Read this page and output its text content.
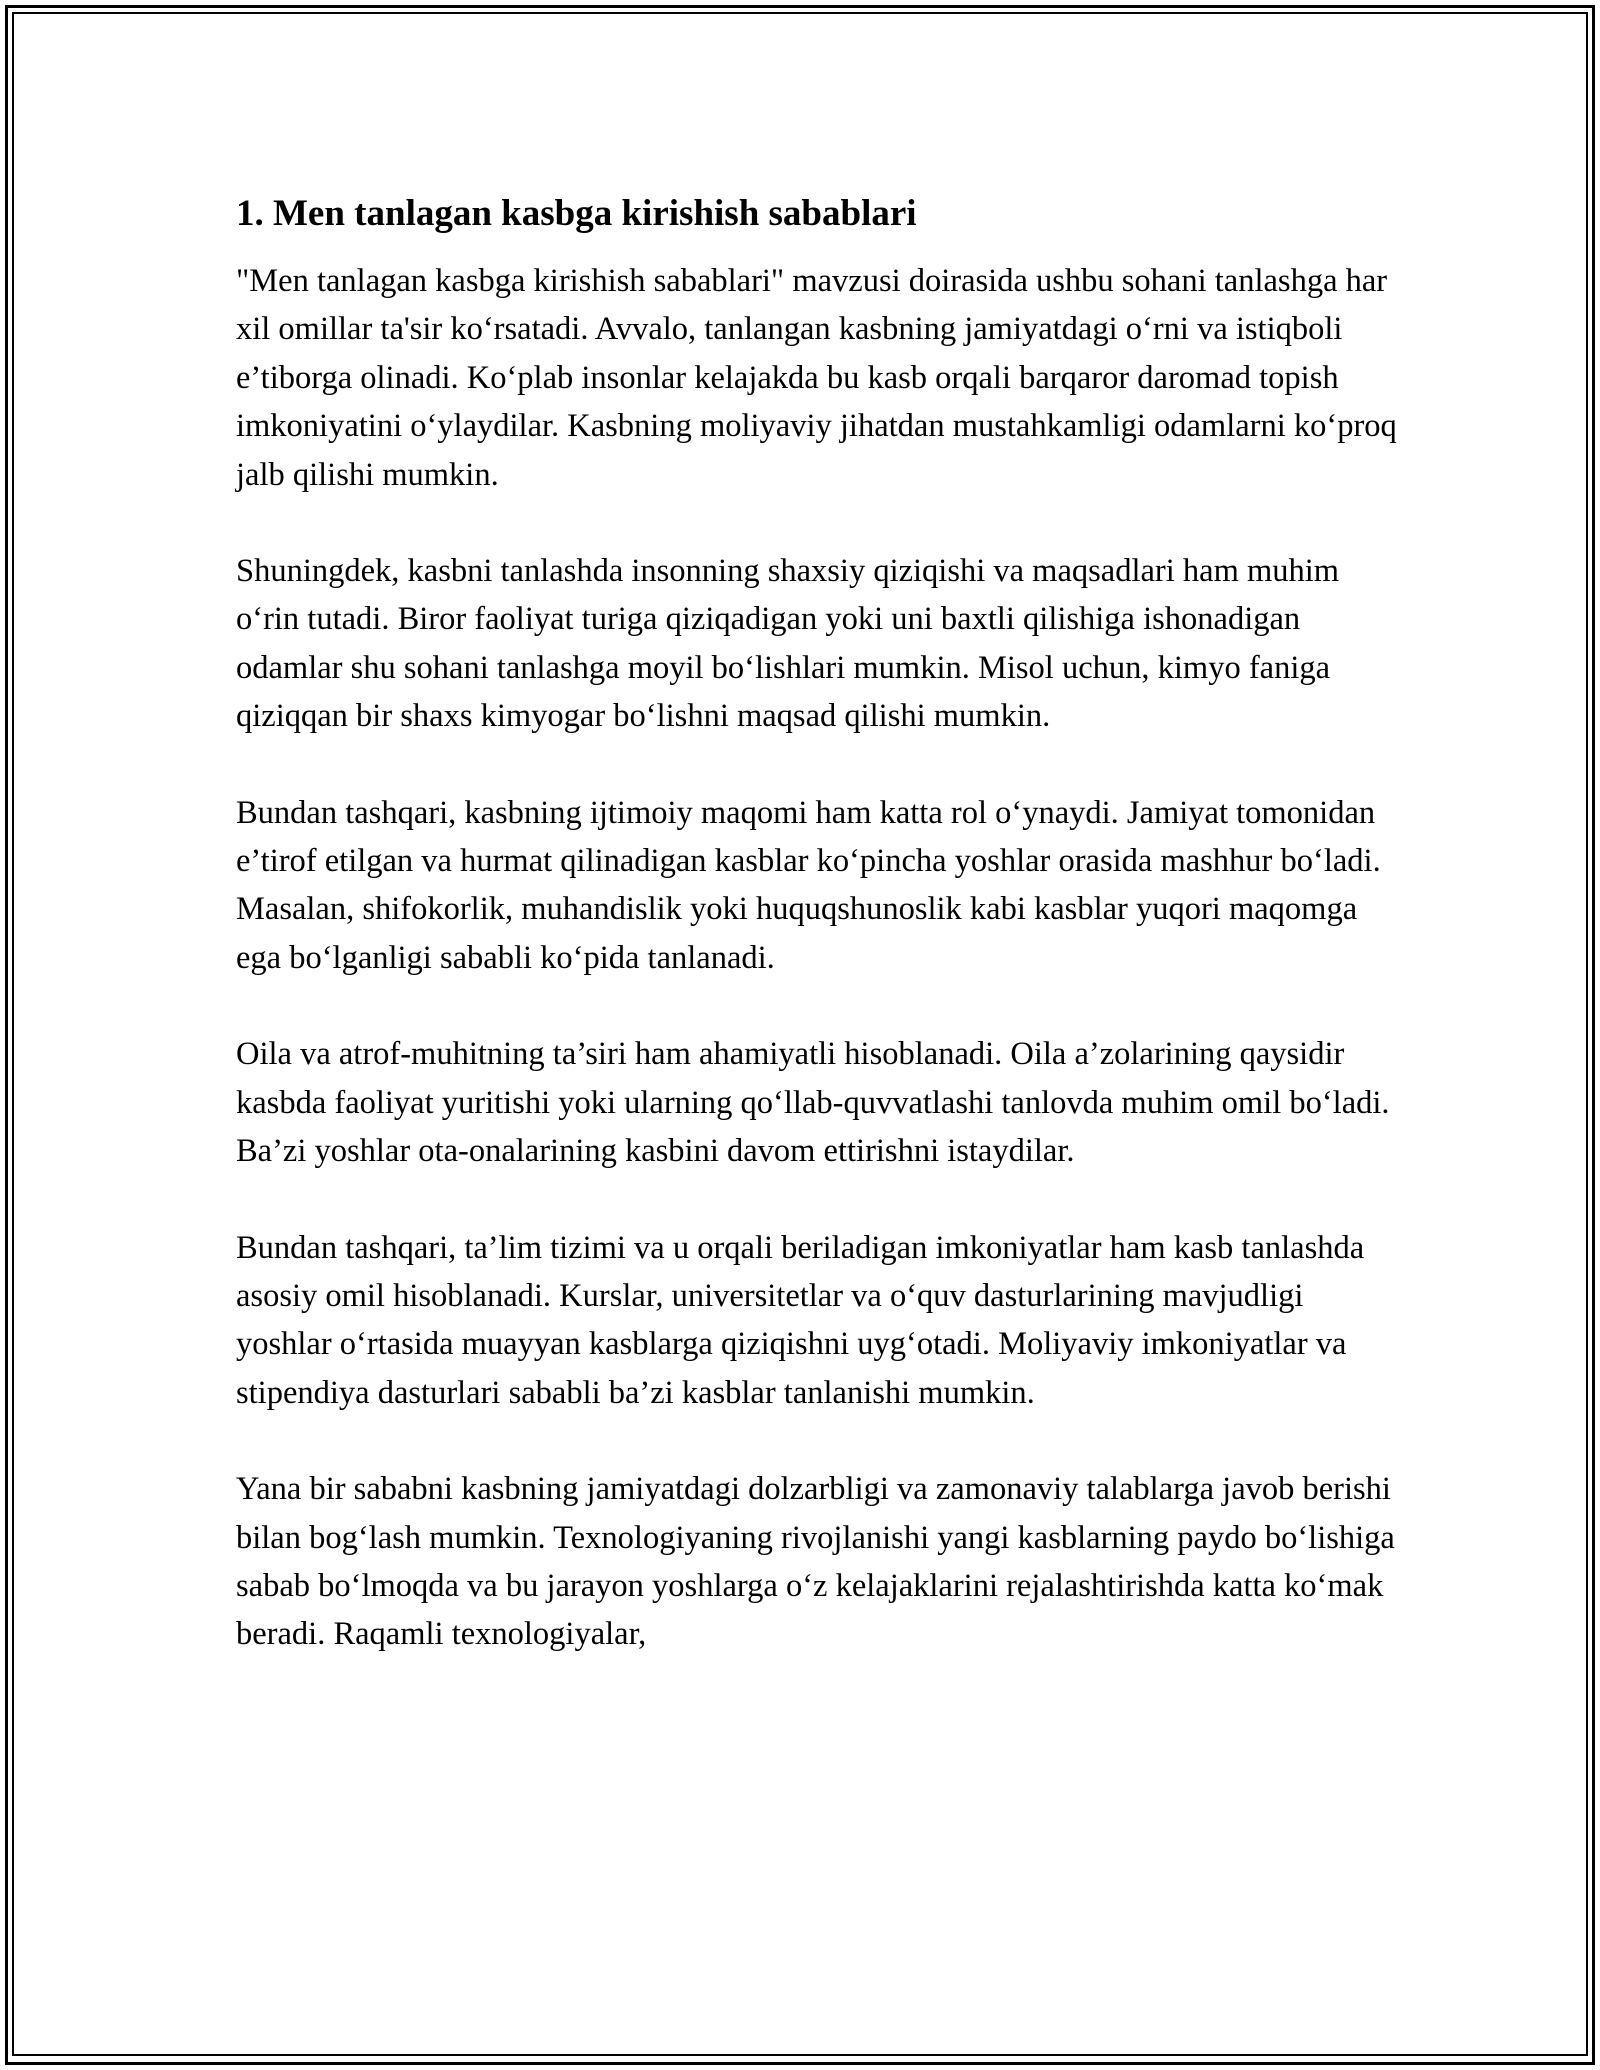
1. Men tanlagan kasbga kirishish sabablari

"Men tanlagan kasbga kirishish sabablari" mavzusi doirasida ushbu sohani tanlashga har xil omillar ta'sir ko‘rsatadi. Avvalo, tanlangan kasbning jamiyatdagi o‘rni va istiqboli e’tiborga olinadi. Ko‘plab insonlar kelajakda bu kasb orqali barqaror daromad topish imkoniyatini o‘ylaydilar. Kasbning moliyaviy jihatdan mustahkamligi odamlarni ko‘proq jalb qilishi mumkin.

Shuningdek, kasbni tanlashda insonning shaxsiy qiziqishi va maqsadlari ham muhim o‘rin tutadi. Biror faoliyat turiga qiziqadigan yoki uni baxtli qilishiga ishonadigan odamlar shu sohani tanlashga moyil bo‘lishlari mumkin. Misol uchun, kimyo faniga qiziqqan bir shaxs kimyogar bo‘lishni maqsad qilishi mumkin.

Bundan tashqari, kasbning ijtimoiy maqomi ham katta rol o‘ynaydi. Jamiyat tomonidan e’tirof etilgan va hurmat qilinadigan kasblar ko‘pincha yoshlar orasida mashhur bo‘ladi. Masalan, shifokorlik, muhandislik yoki huquqshunoslik kabi kasblar yuqori maqomga ega bo‘lganligi sababli ko‘pida tanlanadi.

Oila va atrof-muhitning ta’siri ham ahamiyatli hisoblanadi. Oila a’zolarining qaysidir kasbda faoliyat yuritishi yoki ularning qo‘llab-quvvatlashi tanlovda muhim omil bo‘ladi. Ba’zi yoshlar ota-onalarining kasbini davom ettirishni istaydilar.

Bundan tashqari, ta’lim tizimi va u orqali beriladigan imkoniyatlar ham kasb tanlashda asosiy omil hisoblanadi. Kurslar, universitetlar va o‘quv dasturlarining mavjudligi yoshlar o‘rtasida muayyan kasblarga qiziqishni uyg‘otadi. Moliyaviy imkoniyatlar va stipendiya dasturlari sababli ba’zi kasblar tanlanishi mumkin.

Yana bir sababni kasbning jamiyatdagi dolzarbligi va zamonaviy talablarga javob berishi bilan bog‘lash mumkin. Texnologiyaning rivojlanishi yangi kasblarning paydo bo‘lishiga sabab bo‘lmoqda va bu jarayon yoshlarga o‘z kelajaklarini rejalashtirishda katta ko‘mak beradi. Raqamli texnologiyalar,
